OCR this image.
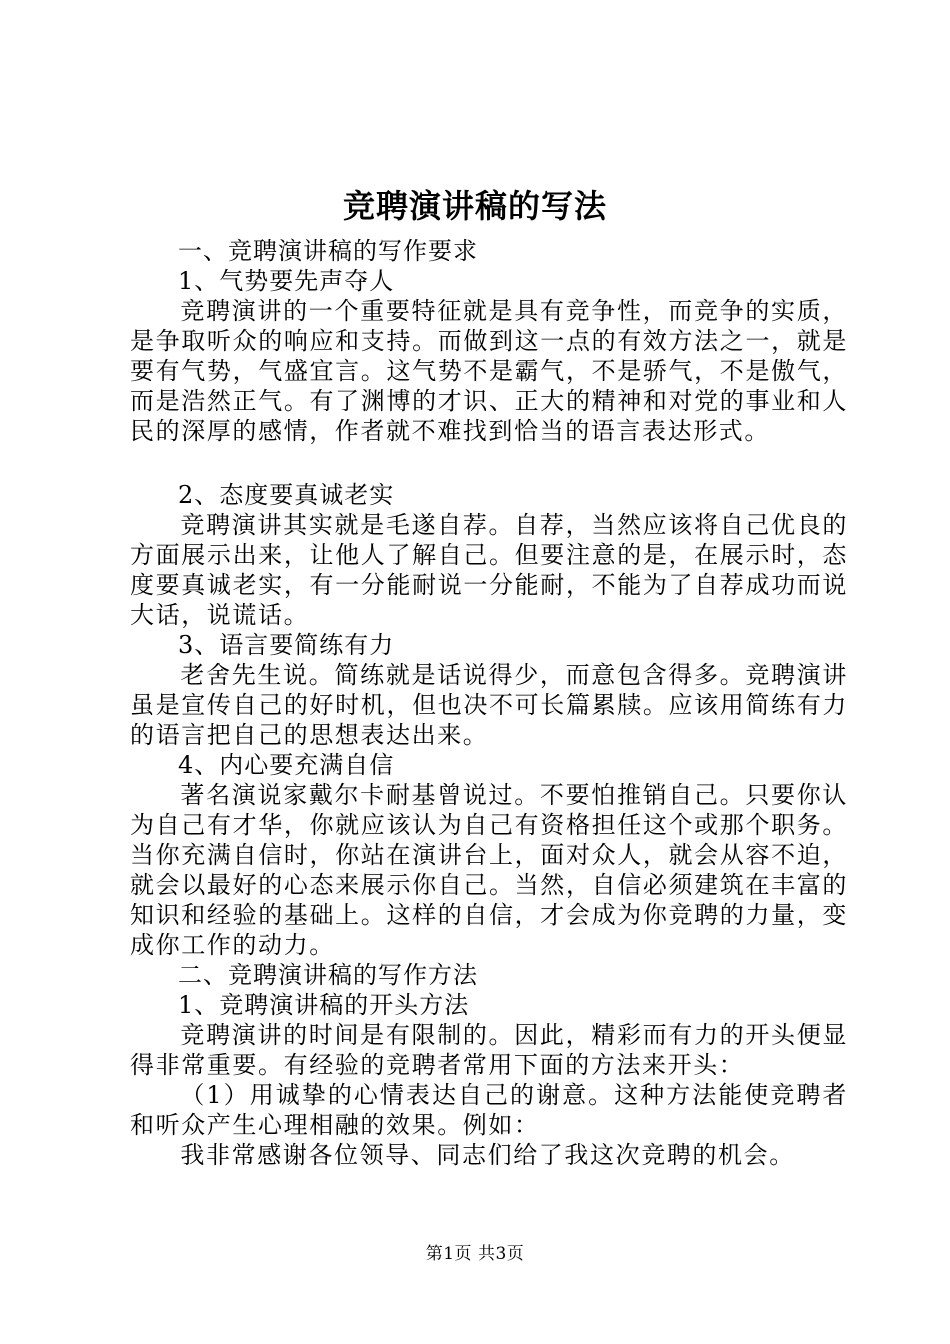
竞聘演讲稿的写法

一、竞聘演讲稿的写作要求

1、气势要先声夺人

竞聘演讲的一个重要特征就是具有竞争性，而竞争的实质，是争取听众的响应和支持。而做到这一点的有效方法之一，就是要有气势，气盛宜言。这气势不是霸气，不是骄气，不是傲气，而是浩然正气。有了渊博的才识、正大的精神和对党的事业和人民的深厚的感情，作者就不难找到恰当的语言表达形式。

2、态度要真诚老实

竞聘演讲其实就是毛遂自荐。自荐，当然应该将自己优良的方面展示出来，让他人了解自己。但要注意的是，在展示时，态度要真诚老实，有一分能耐说一分能耐，不能为了自荐成功而说大话，说谎话。

3、语言要简练有力

老舍先生说。简练就是话说得少，而意包含得多。竞聘演讲虽是宣传自己的好时机，但也决不可长篇累牍。应该用简练有力的语言把自己的思想表达出来。

4、内心要充满自信

著名演说家戴尔卡耐基曾说过。不要怕推销自己。只要你认为自己有才华，你就应该认为自己有资格担任这个或那个职务。当你充满自信时，你站在演讲台上，面对众人，就会从容不迫，就会以最好的心态来展示你自己。当然，自信必须建筑在丰富的知识和经验的基础上。这样的自信，才会成为你竞聘的力量，变成你工作的动力。

二、竞聘演讲稿的写作方法

1、竞聘演讲稿的开头方法

竞聘演讲的时间是有限制的。因此，精彩而有力的开头便显得非常重要。有经验的竞聘者常用下面的方法来开头：

（1）用诚挚的心情表达自己的谢意。这种方法能使竞聘者和听众产生心理相融的效果。例如：

我非常感谢各位领导、同志们给了我这次竞聘的机会。

第1页 共3页
